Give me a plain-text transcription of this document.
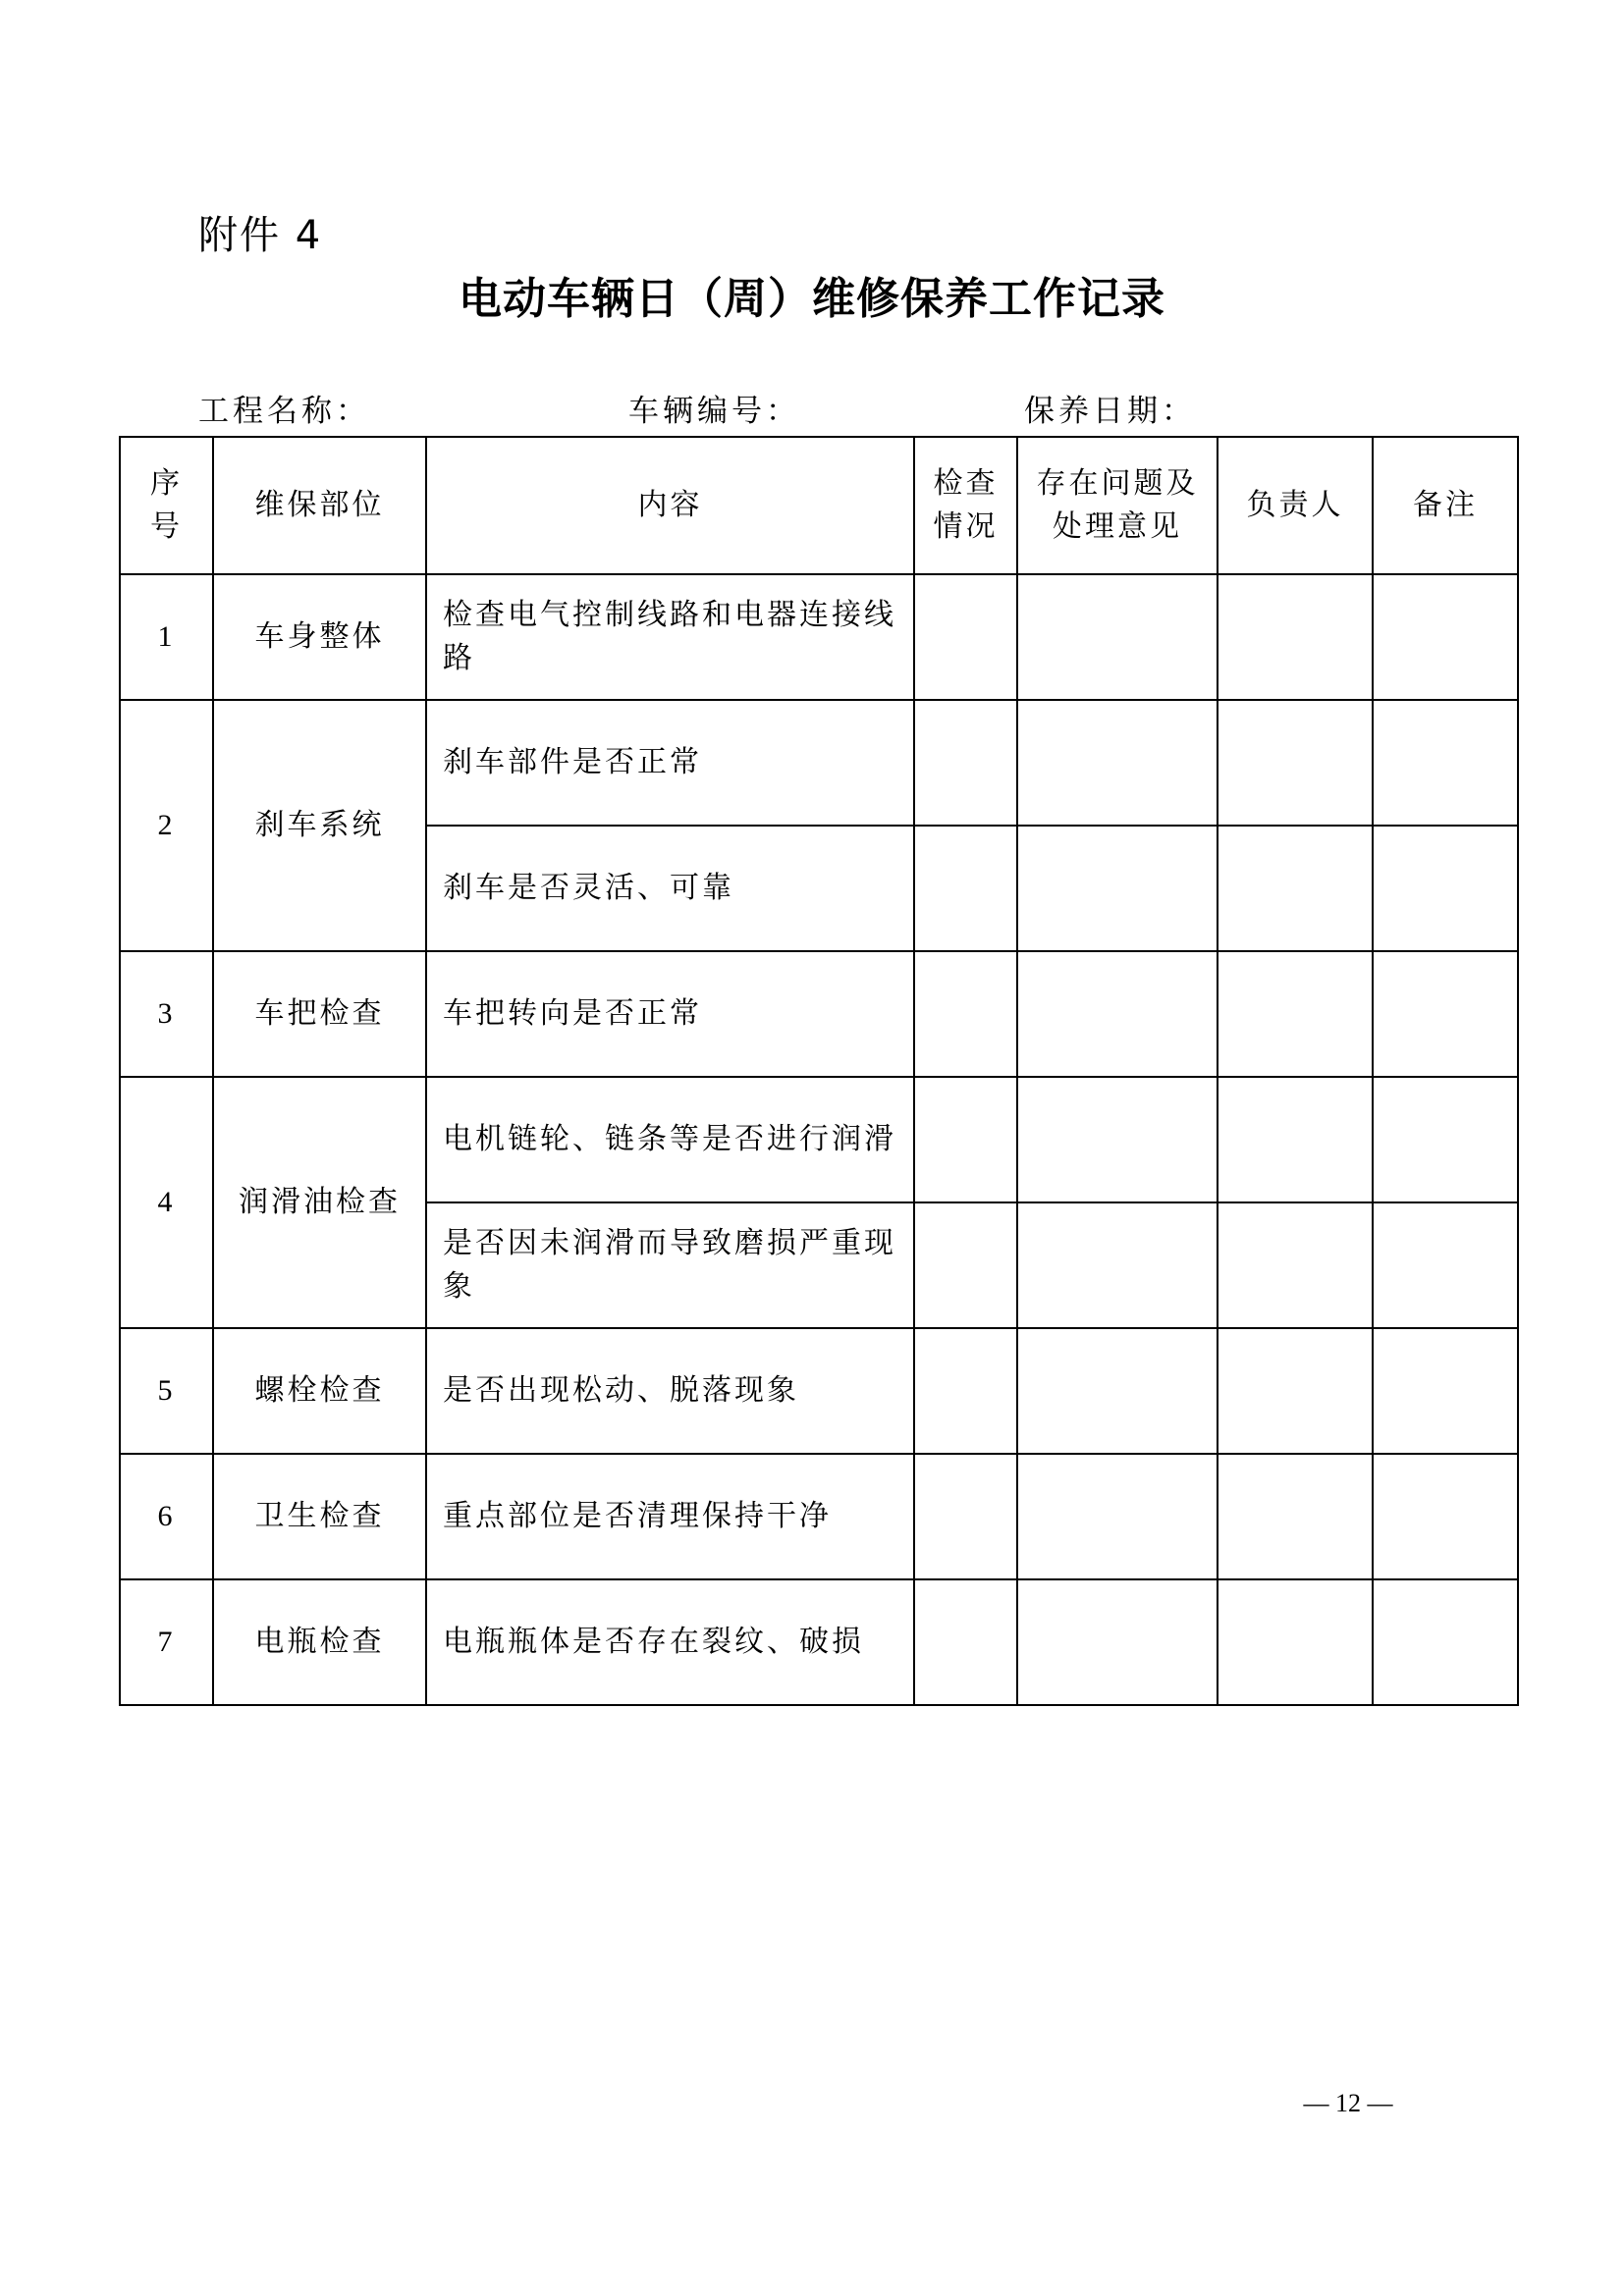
附件 4
电动车辆日（周）维修保养工作记录
工程名称：	车辆编号：	保养日期：
序号	维保部位	内容	检查情况	存在问题及处理意见	负责人	备注
1	车身整体	检查电气控制线路和电器连接线路				
2	刹车系统	刹车部件是否正常				
		刹车是否灵活、可靠				
3	车把检查	车把转向是否正常				
4	润滑油检查	电机链轮、链条等是否进行润滑				
		是否因未润滑而导致磨损严重现象				
5	螺栓检查	是否出现松动、脱落现象				
6	卫生检查	重点部位是否清理保持干净				
7	电瓶检查	电瓶瓶体是否存在裂纹、破损				
— 12 —
